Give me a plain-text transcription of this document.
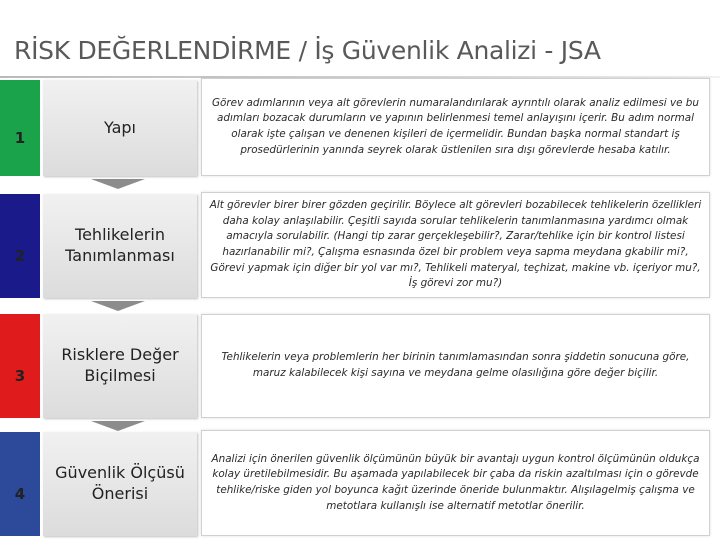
RİSK DEĞERLENDİRME / İş Güvenlik Analizi - JSA
1
Yapı
Görev adımlarının veya alt görevlerin numaralandırılarak ayrıntılı olarak analiz edilmesi ve bu adımları bozacak durumların ve yapının belirlenmesi temel anlayışını içerir. Bu adım normal olarak işte çalışan ve denenen kişileri de içermelidir. Bundan başka normal standart iş prosedürlerinin yanında seyrek olarak üstlenilen sıra dışı görevlerde hesaba katılır.
2
Tehlikelerin Tanımlanması
Alt görevler birer birer gözden geçirilir. Böylece alt görevleri bozabilecek tehlikelerin özellikleri daha kolay anlaşılabilir. Çeşitli sayıda sorular tehlikelerin tanımlanmasına yardımcı olmak amacıyla sorulabilir. (Hangi tip zarar gerçekleşebilir?, Zarar/tehlike için bir kontrol listesi hazırlanabilir mi?, Çalışma esnasında özel bir problem veya sapma meydana gkabilir mi?, Görevi yapmak için diğer bir yol var mı?, Tehlikeli materyal, teçhizat, makine vb. içeriyor mu?, İş görevi zor mu?)
3
Risklere Değer Biçilmesi
Tehlikelerin veya problemlerin her birinin tanımlamasından sonra şiddetin sonucuna göre, maruz kalabilecek kişi sayına ve meydana gelme olasılığına göre değer biçilir.
4
Güvenlik Ölçüsü Önerisi
Analizi için önerilen güvenlik ölçümünün büyük bir avantajı uygun kontrol ölçümünün oldukça kolay üretilebilmesidir. Bu aşamada yapılabilecek bir çaba da riskin azaltılması için o görevde tehlike/riske giden yol boyunca kağıt üzerinde öneride bulunmaktır. Alışılagelmiş çalışma ve metotlara kullanışlı ise alternatif metotlar önerilir.
